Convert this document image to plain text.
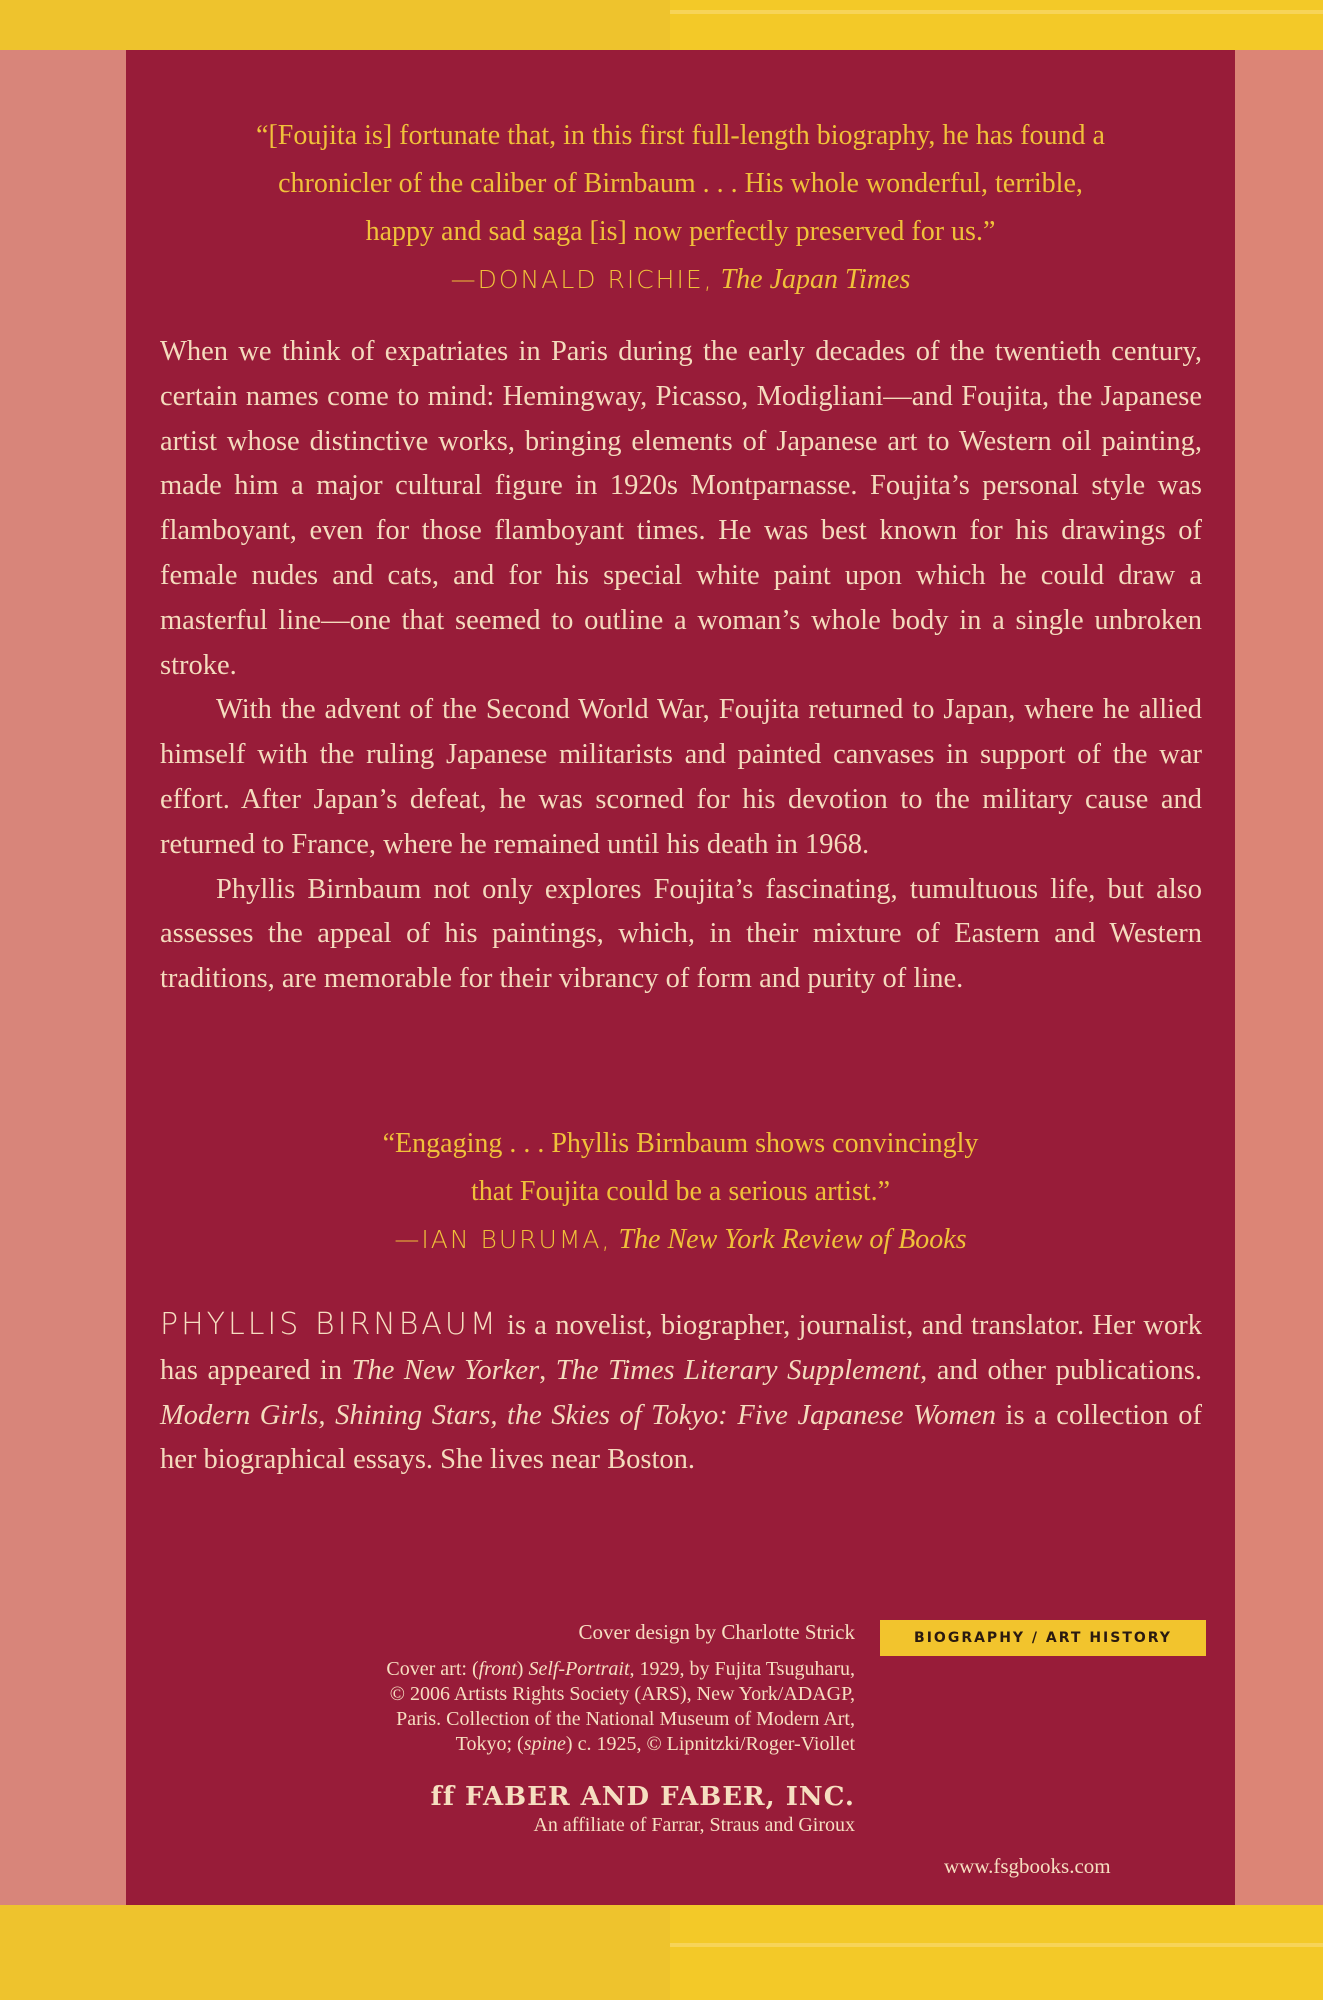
“[Foujita is] fortunate that, in this first full-length biography, he has found a
chronicler of the caliber of Birnbaum . . . His whole wonderful, terrible,
happy and sad saga [is] now perfectly preserved for us.”
—DONALD RICHIE, The Japan Times

When we think of expatriates in Paris during the early decades of the twentieth century, certain names come to mind: Hemingway, Picasso, Modigliani—and Foujita, the Japanese artist whose distinctive works, bringing elements of Japanese art to Western oil painting, made him a major cultural figure in 1920s Montparnasse. Foujita’s personal style was flamboyant, even for those flamboyant times. He was best known for his drawings of female nudes and cats, and for his special white paint upon which he could draw a masterful line—one that seemed to outline a woman’s whole body in a single unbroken stroke.

With the advent of the Second World War, Foujita returned to Japan, where he allied himself with the ruling Japanese militarists and painted canvases in support of the war effort. After Japan’s defeat, he was scorned for his devotion to the military cause and returned to France, where he remained until his death in 1968.

Phyllis Birnbaum not only explores Foujita’s fascinating, tumultuous life, but also assesses the appeal of his paintings, which, in their mixture of Eastern and Western traditions, are memorable for their vibrancy of form and purity of line.

“Engaging . . . Phyllis Birnbaum shows convincingly
that Foujita could be a serious artist.”
—IAN BURUMA, The New York Review of Books
PHYLLIS BIRNBAUM is a novelist, biographer, journalist, and translator. Her work has appeared in The New Yorker, The Times Literary Supplement, and other publications. Modern Girls, Shining Stars, the Skies of Tokyo: Five Japanese Women is a collection of her biographical essays. She lives near Boston.
Cover design by Charlotte Strick
Cover art: (front) Self-Portrait, 1929, by Fujita Tsuguharu,
© 2006 Artists Rights Society (ARS), New York/ADAGP,
Paris. Collection of the National Museum of Modern Art,
Tokyo; (spine) c. 1925, © Lipnitzki/Roger-Viollet
ff FABER AND FABER, INC.
An affiliate of Farrar, Straus and Giroux
BIOGRAPHY / ART HISTORY
www.fsgbooks.com
